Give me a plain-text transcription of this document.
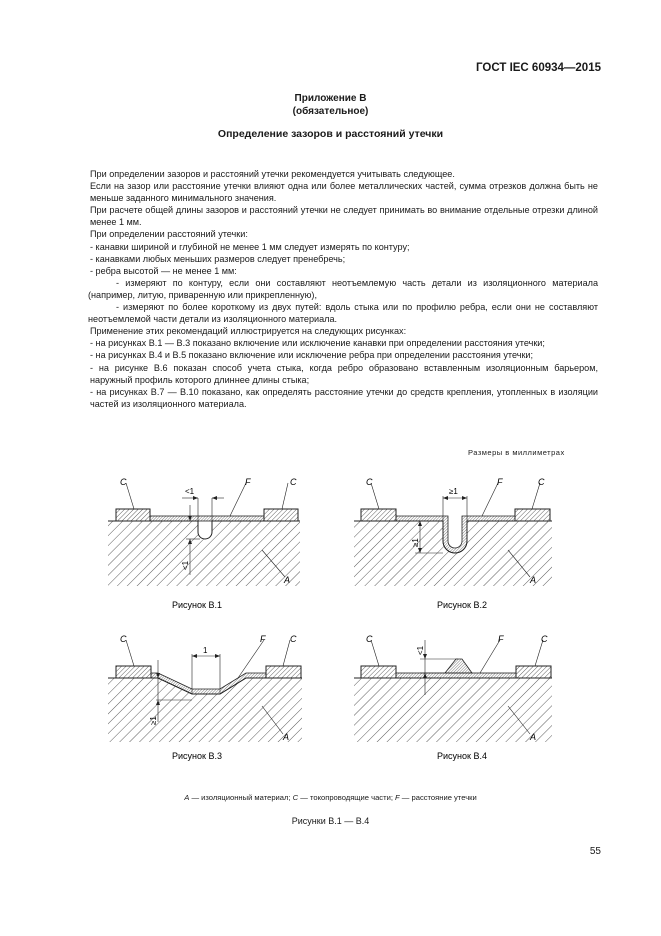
ГОСТ IEC 60934—2015
Приложение В
(обязательное)
Определение зазоров и расстояний утечки

При определении зазоров и расстояний утечки рекомендуется учитывать следующее.

Если на зазор или расстояние утечки влияют одна или более металлических частей, сумма отрезков должна быть не меньше заданного минимального значения.

При расчете общей длины зазоров и расстояний утечки не следует принимать во внимание отдельные отрезки длиной менее 1 мм.

При определении расстояний утечки:

- канавки шириной и глубиной не менее 1 мм следует измерять по контуру;

- канавками любых меньших размеров следует пренебречь;

- ребра высотой — не менее 1 мм:

- измеряют по контуру, если они составляют неотъемлемую часть детали из изоляционного материала (например, литую, приваренную или прикрепленную),

- измеряют по более короткому из двух путей: вдоль стыка или по профилю ребра, если они не составляют неотъемлемой части детали из изоляционного материала.

Применение этих рекомендаций иллюстрируется на следующих рисунках:

- на рисунках В.1 — В.3 показано включение или исключение канавки при определении расстояния утечки;

- на рисунках В.4 и В.5 показано включение или исключение ребра при определении расстояния утечки;

- на рисунке В.6 показан способ учета стыка, когда ребро образовано вставленным изоляционным барьером, наружный профиль которого длиннее длины стыка;

- на рисунках В.7 — В.10 показано, как определять расстояние утечки до средств крепления, утопленных в изоляции частей из изоляционного материала.

Размеры в миллиметрах
C	C
F
A
<1
<1
C	C
F
A
≥1
≥1
Рисунок В.1	Рисунок В.2
C	C
F
A
1
≥1
C	C
F
A
<1
Рисунок В.3	Рисунок В.4
А — изоляционный материал; С — токопроводящие части; F — расстояние утечки
Рисунки В.1 — В.4
55
